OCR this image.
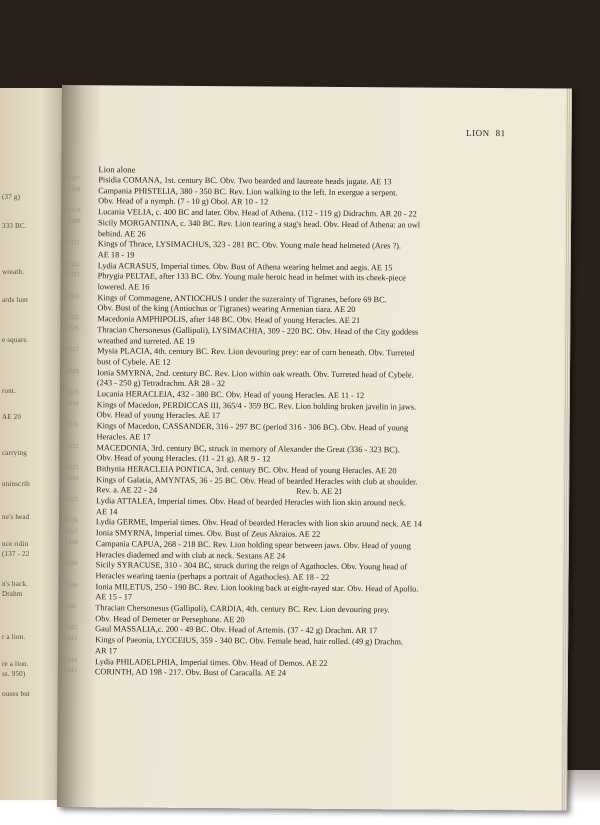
(37 g)
333 BC.
wreath.
ards lunt
e square.
ront.
AE 20
carrying
uninscrib
ne's head
nce ridin
(137 - 22
n's back.
Drahm
r a lion.
re a lion.
ss. 950)
ouses but
LION 81
Lion alone
1317	Pisidia COMANA, 1st. century BC. Obv. Two bearded and laureate heads jugate. AE 13
1318	Campania PHISTELIA, 380 - 350 BC. Rev. Lion walking to the left. In exergue a serpent.
Obv. Head of a nymph. (7 - 10 g) Obol. AR 10 - 12
1319	Lucania VELIA, c. 400 BC and later. Obv. Head of Athena. (112 - 119 g) Didrachm. AR 20 - 22
1320	Sicily MORGANTINA, c. 340 BC. Rev. Lion tearing a stag's head. Obv. Head of Athena: an owl
behind. AE 26
1321	Kings of Thrace, LYSIMACHUS, 323 - 281 BC. Obv. Young male head helmeted (Ares ?).
AE 18 - 19
1322	Lydia ACRASUS, Imperial times. Obv. Bust of Athena wearing helmet and aegis. AE 15
1323	Phrygia PELTAE, after 133 BC. Obv. Young male heroic head in helmet with its cheek-piece
lowered. AE 16
1324	Kings of Commagene, ANTIOCHUS I under the suzerainty of Tigranes, before 69 BC.
Obv. Bust of the king (Antiochus or Tigranes) wearing Armenian tiara. AE 20
1325	Macedonia AMPHIPOLIS, after 148 BC. Obv. Head of young Heracles. AE 21
1326	Thracian Chersonesus (Gallipoli), LYSIMACHIA, 309 - 220 BC. Obv. Head of the City goddess
wreathed and turreted. AE 19
1327	Mysia PLACIA, 4th. century BC. Rev. Lion devouring prey: ear of corn beneath. Obv. Turreted
bust of Cybele. AE 12
1328	Ionia SMYRNA, 2nd. century BC. Rev. Lion within oak wreath. Obv. Turreted head of Cybele.
(243 - 250 g) Tetradrachm. AR 28 - 32
1329	Lucania HERACLEIA, 432 - 380 BC. Obv. Head of young Heracles. AE 11 - 12
1330	Kings of Macedon, PERDICCAS III, 365/4 - 359 BC. Rev. Lion holding broken javelin in jaws.
Obv. Head of young Heracles. AE 17
1331	Kings of Macedon, CASSANDER, 316 - 297 BC (period 316 - 306 BC). Obv. Head of young
Heracles. AE 17
1332	MACEDONIA, 3rd. century BC, struck in memory of Alexander the Great (336 - 323 BC).
Obv. Head of young Heracles. (11 - 21 g). AR 9 - 12
1333	Bithynia HERACLEIA PONTICA, 3rd. century BC. Obv. Head of young Heracles. AE 20
1334	Kings of Galatia, AMYNTAS, 36 - 25 BC. Obv. Head of bearded Heracles with club at shoulder.
Rev. a. AE 22 - 24	Rev. b. AE 21
1335	Lydia ATTALEA, Imperial times. Obv. Head of bearded Heracles with lion skin around neck.
AE 14
1336	Lydia GERME, Imperial times. Obv. Head of bearded Heracles with lion skin around neck. AE 14
1337	Ionia SMYRNA, Imperial times. Obv. Bust of Zeus Akraios. AE 22
1338	Campania CAPUA, 268 - 218 BC. Rev. Lion holding spear between jaws. Obv. Head of young
Heracles diademed and with club at neck. Sextans AE 24
1339	Sicily SYRACUSE, 310 - 304 BC, struck during the reign of Agathocles. Obv. Young head of
Heracles wearing taenia (perhaps a portrait of Agathocles). AE 18 - 22
1340	Ionia MILETUS, 250 - 190 BC. Rev. Lion looking back at eight-rayed star. Obv. Head of Apollo.
AE 15 - 17
1341	Thracian Chersonesus (Gallipoli), CARDIA, 4th. century BC. Rev. Lion devouring prey.
Obv. Head of Demeter or Persephone. AE 20
1342	Gaul MASSALIA,c. 200 - 49 BC. Obv. Head of Artemis. (37 - 42 g) Drachm. AR 17
1343	Kings of Paeonia, LYCCEIUS, 359 - 340 BC. Obv. Female head, hair rolled. (49 g) Drachm.
AR 17
1344	Lydia PHILADELPHIA, Imperial times. Obv. Head of Demos. AE 22
1345	CORINTH, AD 198 - 217. Obv. Bust of Caracalla. AE 24
